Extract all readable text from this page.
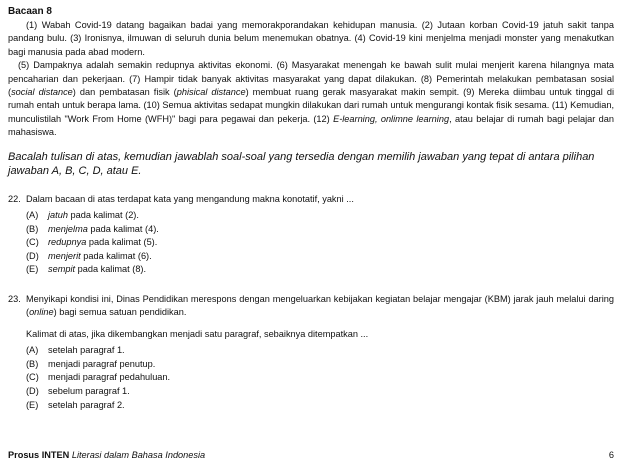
Bacaan 8

(1) Wabah Covid-19 datang bagaikan badai yang memorakporandakan kehidupan manusia. (2) Jutaan korban Covid-19 jatuh sakit tanpa pandang bulu. (3) Ironisnya, ilmuwan di seluruh dunia belum menemukan obatnya. (4) Covid-19 kini menjelma menjadi monster yang menakutkan bagi manusia pada abad modern.

(5) Dampaknya adalah semakin redupnya aktivitas ekonomi. (6) Masyarakat menengah ke bawah sulit mulai menjerit karena hilangnya mata pencaharian dan pekerjaan. (7) Hampir tidak banyak aktivitas masyarakat yang dapat dilakukan. (8) Pemerintah melakukan pembatasan sosial (social distance) dan pembatasan fisik (phisical distance) membuat ruang gerak masyarakat makin sempit. (9) Mereka diimbau untuk tinggal di rumah entah untuk berapa lama. (10) Semua aktivitas sedapat mungkin dilakukan dari rumah untuk mengurangi kontak fisik sesama. (11) Kemudian, munculistilah "Work From Home (WFH)" bagi para pegawai dan pekerja. (12) E-learning, onlimne learning, atau belajar di rumah bagi pelajar dan mahasiswa.

Bacalah tulisan di atas, kemudian jawablah soal-soal yang tersedia dengan memilih jawaban yang tepat di antara pilihan jawaban A, B, C, D, atau E.
22. Dalam bacaan di atas terdapat kata yang mengandung makna konotatif, yakni ...
(A)	jatuh pada kalimat (2).
(B)	menjelma pada kalimat (4).
(C)	redupnya pada kalimat (5).
(D)	menjerit pada kalimat (6).
(E)	sempit pada kalimat (8).
23. Menyikapi kondisi ini, Dinas Pendidikan merespons dengan mengeluarkan kebijakan kegiatan belajar mengajar (KBM) jarak jauh melalui daring (online) bagi semua satuan pendidikan.
Kalimat di atas, jika dikembangkan menjadi satu paragraf, sebaiknya ditempatkan ...
(A)	setelah paragraf 1.
(B)	menjadi paragraf penutup.
(C)	menjadi paragraf pedahuluan.
(D)	sebelum paragraf 1.
(E)	setelah paragraf 2.
Prosus INTEN Literasi dalam Bahasa Indonesia	6
